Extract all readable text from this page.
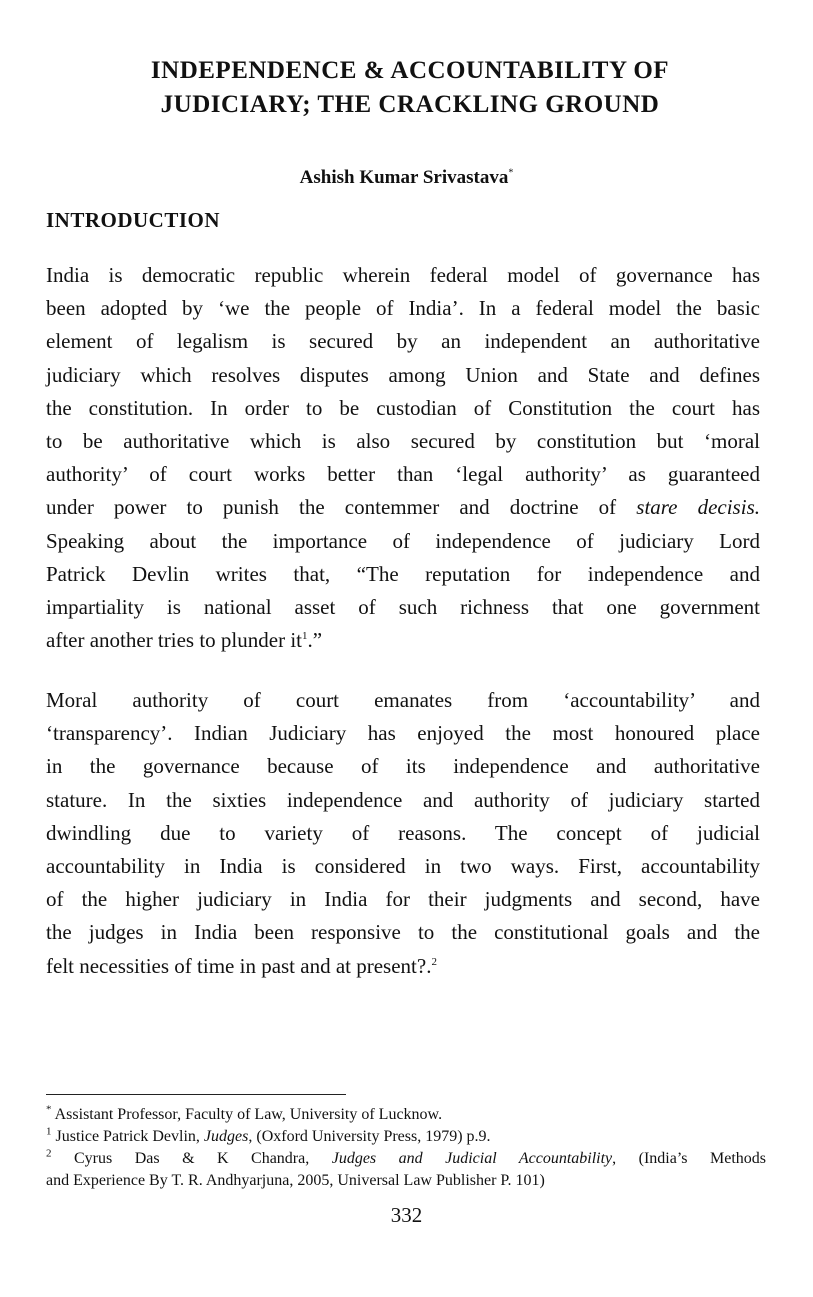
INDEPENDENCE & ACCOUNTABILITY OF
JUDICIARY; THE CRACKLING GROUND

Ashish Kumar Srivastava*

INTRODUCTION
India is democratic republic wherein federal model of governance has
been adopted by ‘we the people of India’. In a federal model the basic
element of legalism is secured by an independent an authoritative
judiciary which resolves disputes among Union and State and defines
the constitution. In order to be custodian of Constitution the court has
to be authoritative which is also secured by constitution but ‘moral
authority’ of court works better than ‘legal authority’ as guaranteed
under power to punish the contemmer and doctrine of stare decisis.
Speaking about the importance of independence of judiciary Lord
Patrick Devlin writes that, “The reputation for independence and
impartiality is national asset of such richness that one government
after another tries to plunder $it^1$.”
Moral authority of court emanates from ‘accountability’ and
‘transparency’. Indian Judiciary has enjoyed the most honoured place
in the governance because of its independence and authoritative
stature. In the sixties independence and authority of judiciary started
dwindling due to variety of reasons. The concept of judicial
accountability in India is considered in two ways. First, accountability
of the higher judiciary in India for their judgments and second, have
the judges in India been responsive to the constitutional goals and the
felt necessities of time in past and at present?.$^2$
* Assistant Professor, Faculty of Law, University of Lucknow.
$^1$ Justice Patrick Devlin, Judges, (Oxford University Press, 1979) p.9.
$^2$ Cyrus Das & K Chandra, Judges and Judicial Accountability, (India’s Methods
and Experience By T. R. Andhyarjuna, 2005, Universal Law Publisher P. 101)

332
